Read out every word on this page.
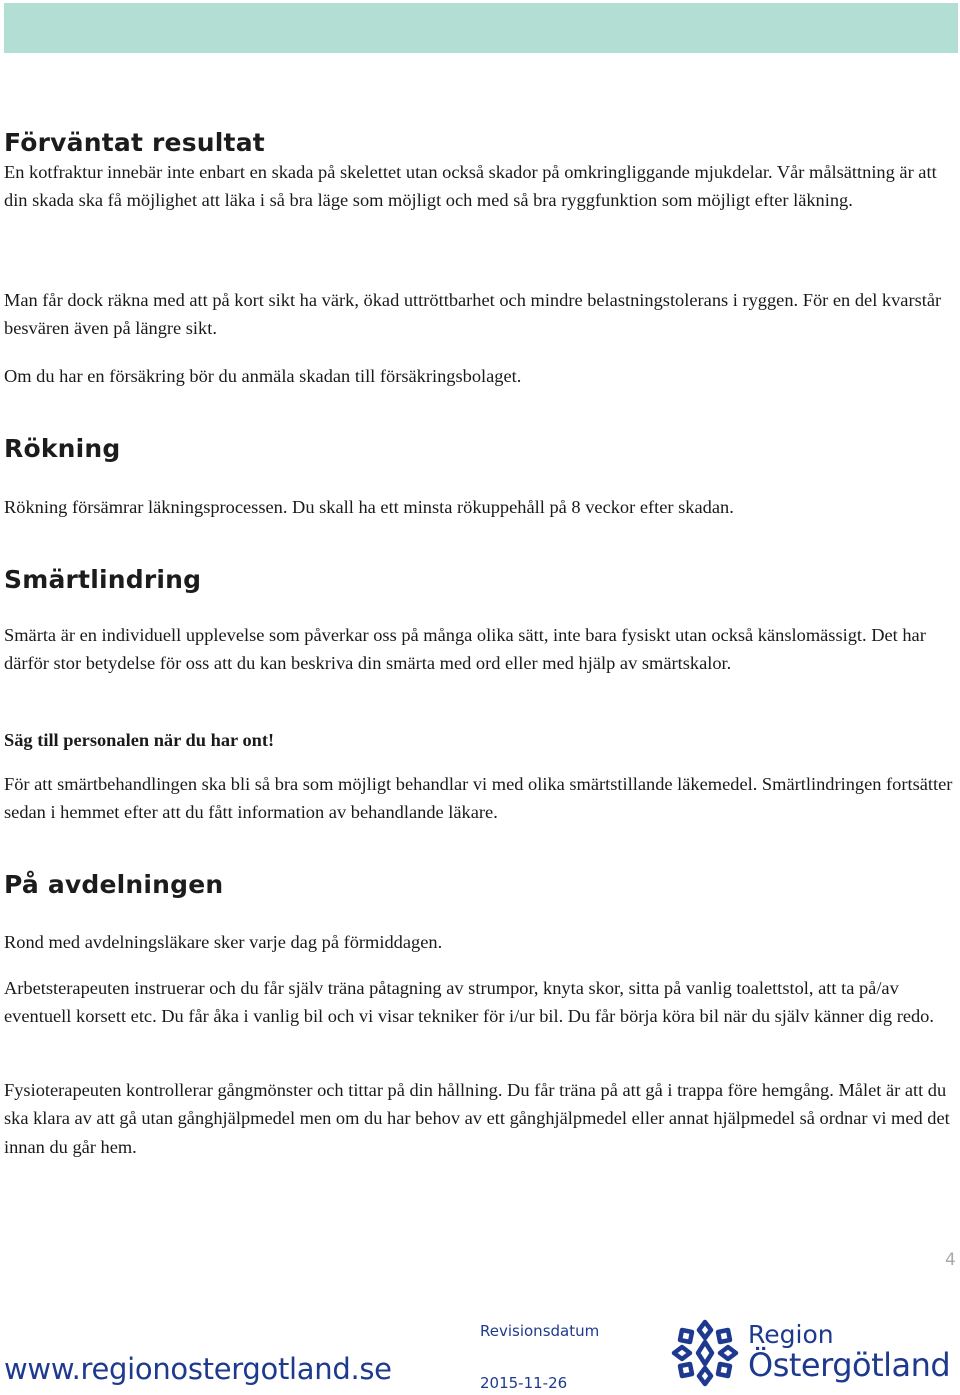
Förväntat resultat

En kotfraktur innebär inte enbart en skada på skelettet utan också skador på omkringliggande mjukdelar. Vår målsättning är att din skada ska få möjlighet att läka i så bra läge som möjligt och med så bra ryggfunktion som möjligt efter läkning.

Man får dock räkna med att på kort sikt ha värk, ökad uttröttbarhet och mindre belastningstolerans i ryggen. För en del kvarstår besvären även på längre sikt.

Om du har en försäkring bör du anmäla skadan till försäkringsbolaget.

Rökning

Rökning försämrar läkningsprocessen. Du skall ha ett minsta rökuppehåll på 8 veckor efter skadan.

Smärtlindring

Smärta är en individuell upplevelse som påverkar oss på många olika sätt, inte bara fysiskt utan också känslomässigt. Det har därför stor betydelse för oss att du kan beskriva din smärta med ord eller med hjälp av smärtskalor.

Säg till personalen när du har ont!

För att smärtbehandlingen ska bli så bra som möjligt behandlar vi med olika smärtstillande läkemedel. Smärtlindringen fortsätter sedan i hemmet efter att du fått information av behandlande läkare.

På avdelningen

Rond med avdelningsläkare sker varje dag på förmiddagen.

Arbetsterapeuten instruerar och du får själv träna påtagning av strumpor, knyta skor, sitta på vanlig toalettstol, att ta på/av eventuell korsett etc. Du får åka i vanlig bil och vi visar tekniker för i/ur bil. Du får börja köra bil när du själv känner dig redo.

Fysioterapeuten kontrollerar gångmönster och tittar på din hållning. Du får träna på att gå i trappa före hemgång. Målet är att du ska klara av att gå utan gånghjälpmedel men om du har behov av ett gånghjälpmedel eller annat hjälpmedel så ordnar vi med det innan du går hem.

4
www.regionostergotland.se
Revisionsdatum
2015-11-26
Region
Östergötland
